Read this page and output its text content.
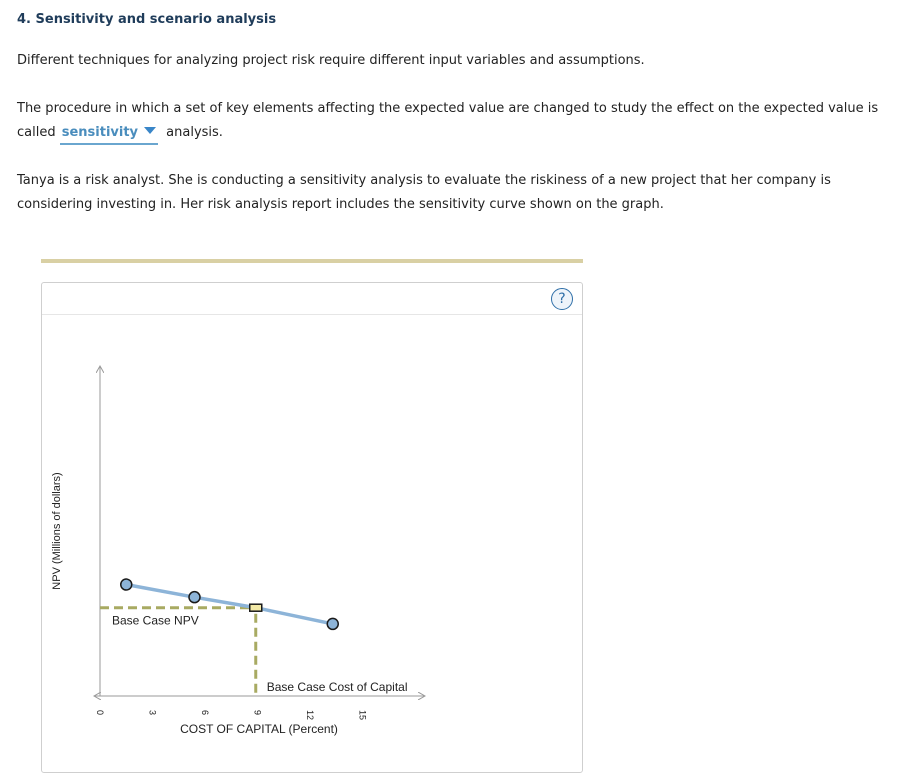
4. Sensitivity and scenario analysis

Different techniques for analyzing project risk require different input variables and assumptions.

The procedure in which a set of key elements affecting the expected value are changed to study the effect on the expected value is called sensitivity analysis.

Tanya is a risk analyst. She is conducting a sensitivity analysis to evaluate the riskiness of a new project that her company is considering investing in. Her risk analysis report includes the sensitivity curve shown on the graph.

?
NPV (Millions of dollars)
COST OF CAPITAL (Percent)
0	3	6	9	12	15
Base Case NPV
Base Case Cost of Capital
